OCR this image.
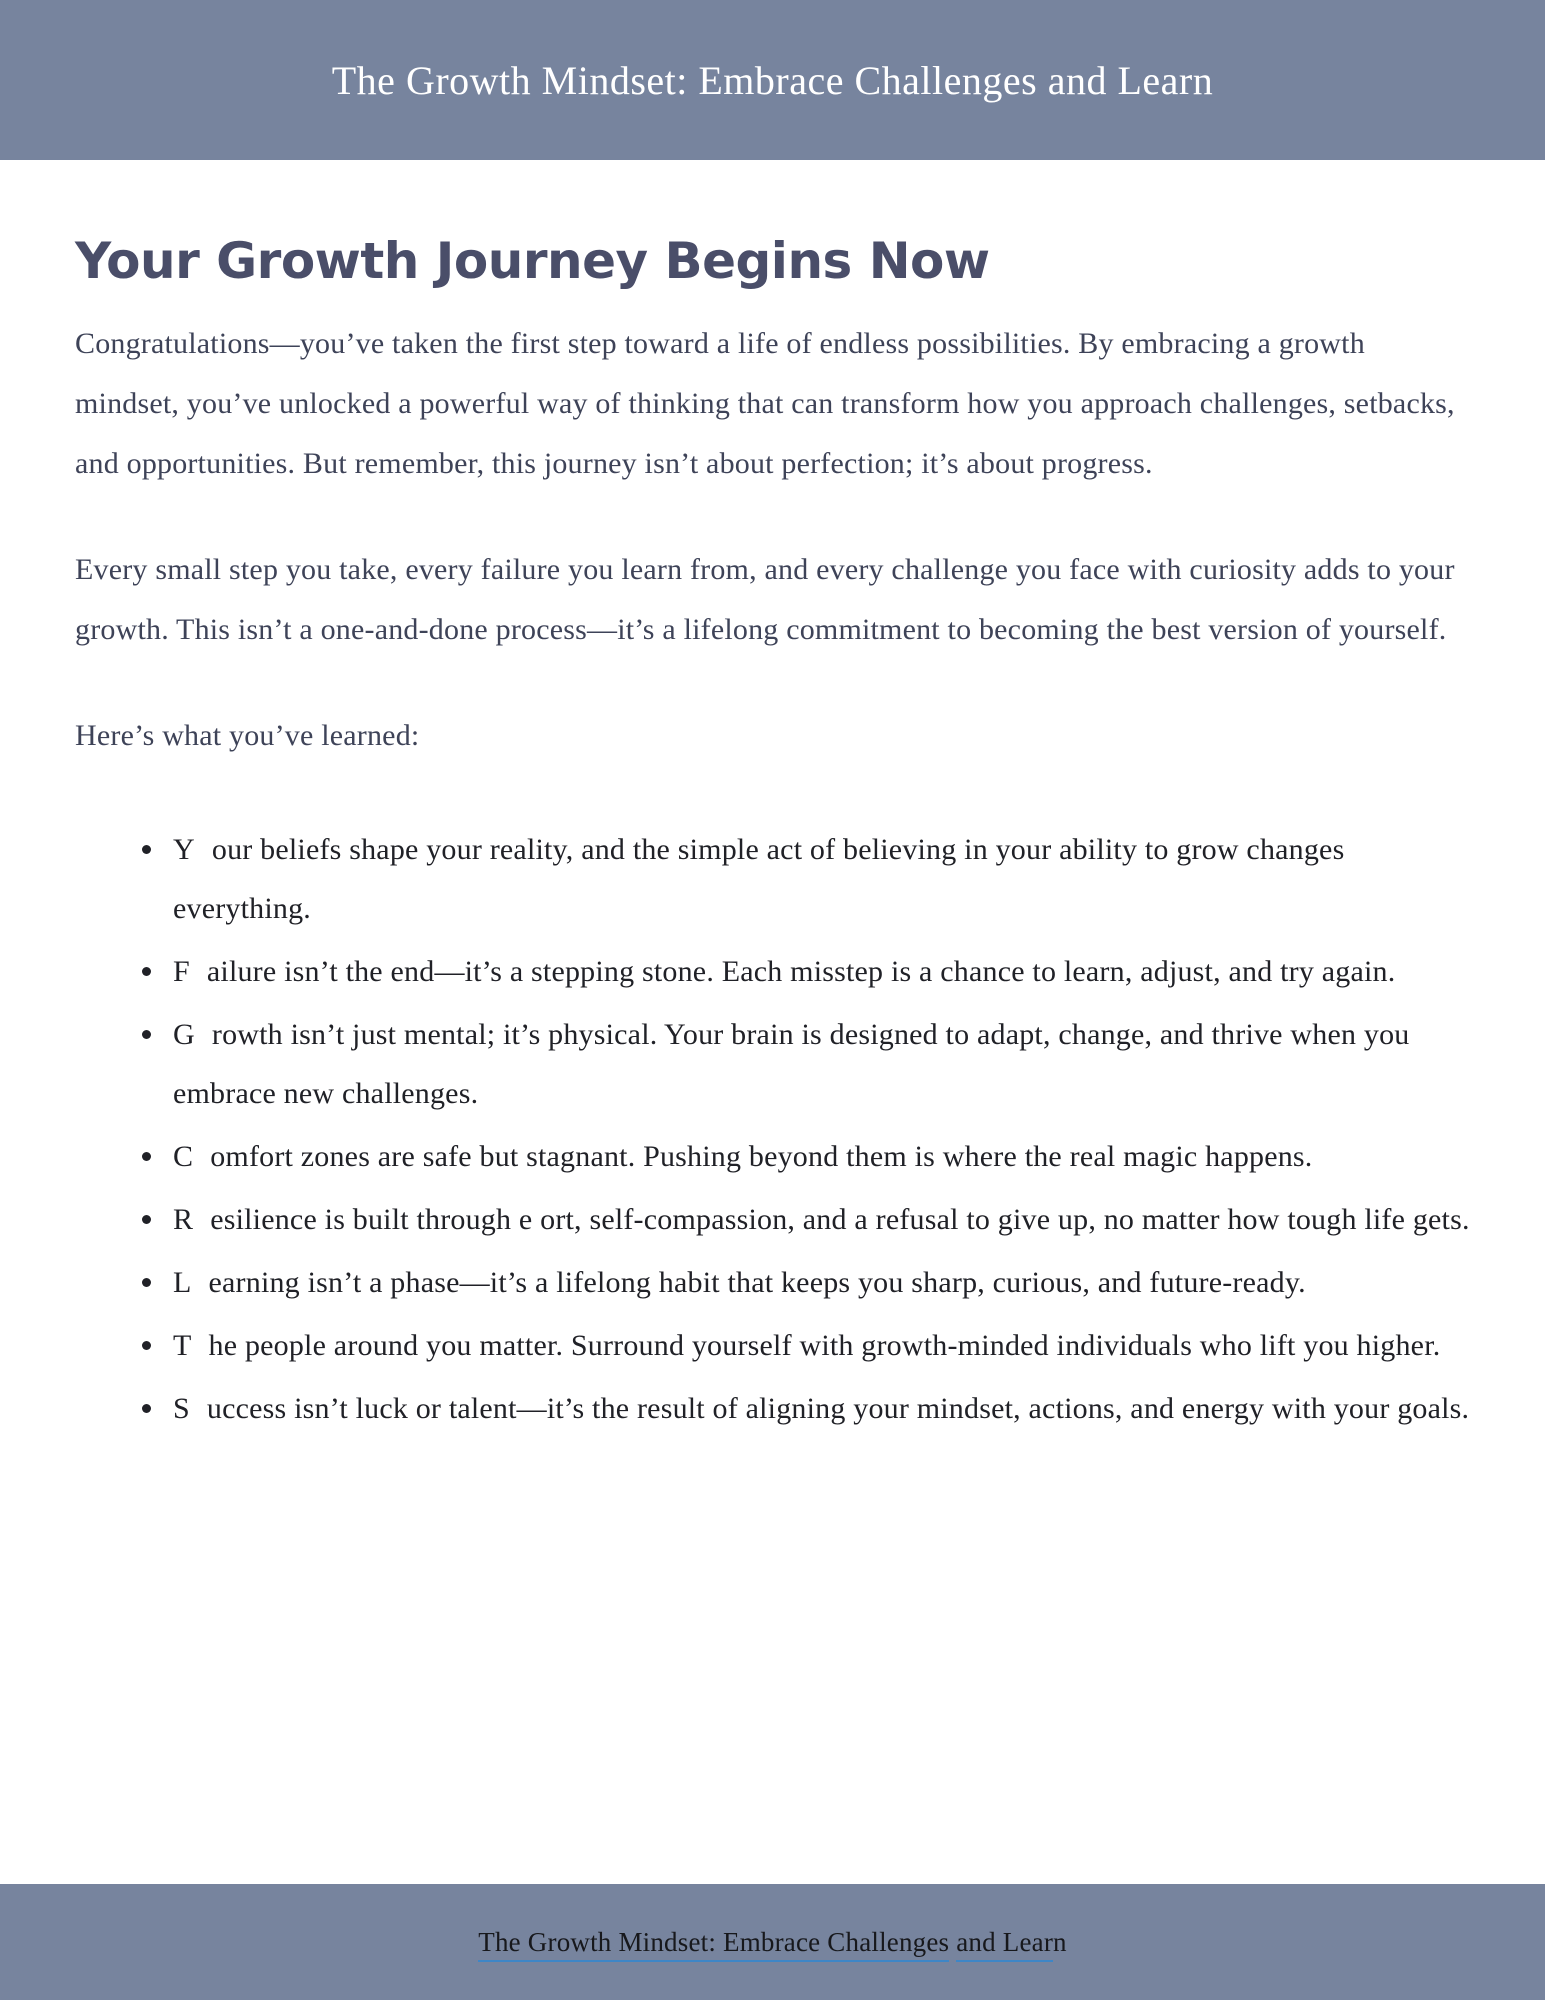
The Growth Mindset: Embrace Challenges and Learn
Your Growth Journey Begins Now

Congratulations—you’ve taken the first step toward a life of endless possibilities. By embracing a growth mindset, you’ve unlocked a powerful way of thinking that can transform how you approach challenges, setbacks, and opportunities. But remember, this journey isn’t about perfection; it’s about progress.

Every small step you take, every failure you learn from, and every challenge you face with curiosity adds to your growth. This isn’t a one-and-done process—it’s a lifelong commitment to becoming the best version of yourself.

Here’s what you’ve learned:

Y our beliefs shape your reality, and the simple act of believing in your ability to grow changes everything.
F ailure isn’t the end—it’s a stepping stone. Each misstep is a chance to learn, adjust, and try again.
G rowth isn’t just mental; it’s physical. Your brain is designed to adapt, change, and thrive when you embrace new challenges.
C omfort zones are safe but stagnant. Pushing beyond them is where the real magic happens.
R esilience is built through e ort, self-compassion, and a refusal to give up, no matter how tough life gets.
L earning isn’t a phase—it’s a lifelong habit that keeps you sharp, curious, and future-ready.
T he people around you matter. Surround yourself with growth-minded individuals who lift you higher.
S uccess isn’t luck or talent—it’s the result of aligning your mindset, actions, and energy with your goals.
The Growth Mindset: Embrace Challenges and Learn
